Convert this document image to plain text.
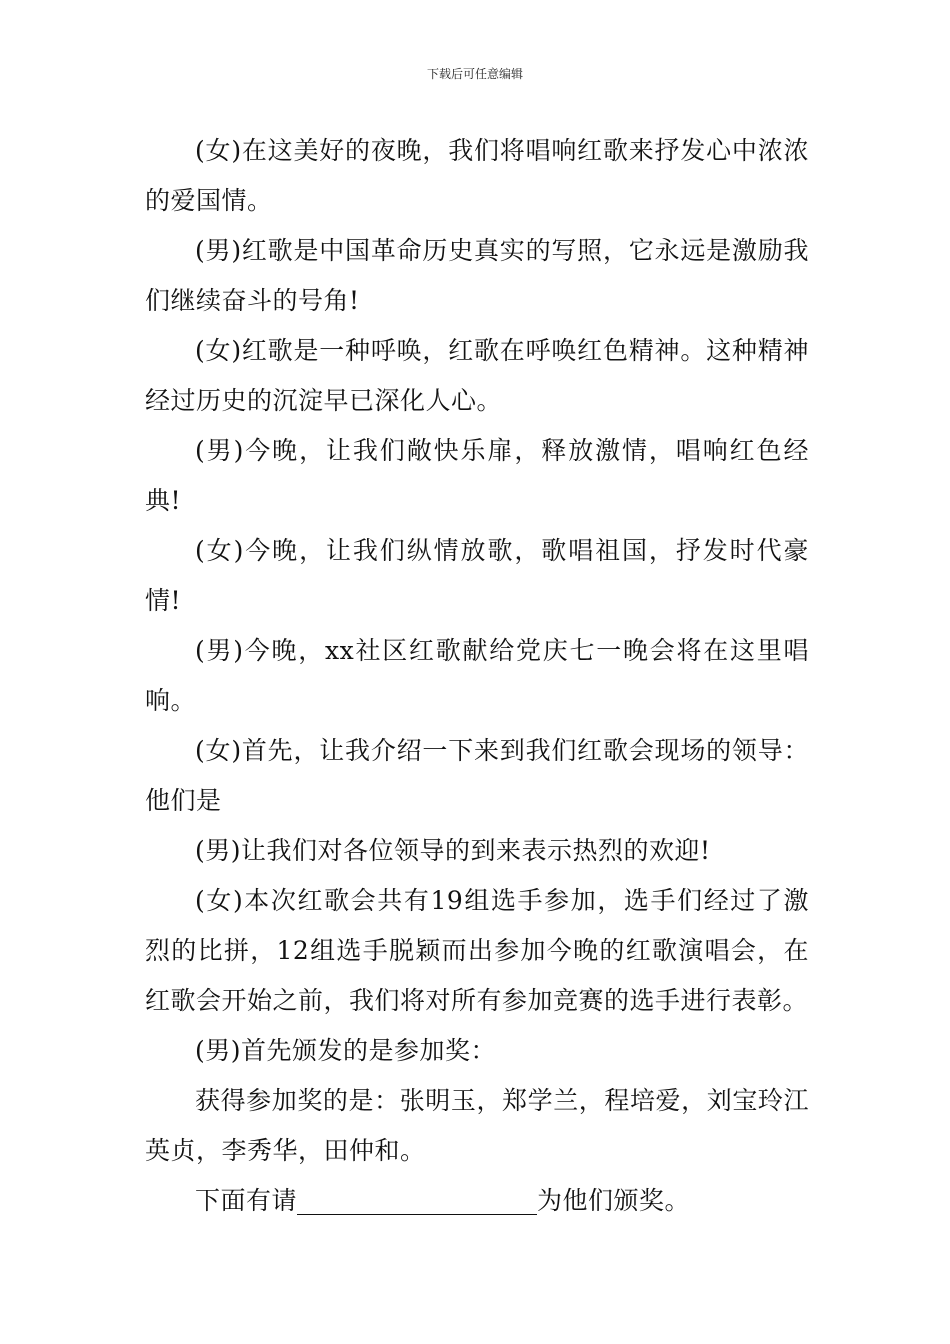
下载后可任意编辑

(女)在这美好的夜晚，我们将唱响红歌来抒发心中浓浓的爱国情。

(男)红歌是中国革命历史真实的写照，它永远是激励我们继续奋斗的号角!

(女)红歌是一种呼唤，红歌在呼唤红色精神。这种精神经过历史的沉淀早已深化人心。

(男)今晚，让我们敞快乐扉，释放激情，唱响红色经典!

(女)今晚，让我们纵情放歌，歌唱祖国，抒发时代豪情!

(男)今晚，xx社区红歌献给党庆七一晚会将在这里唱响。

(女)首先，让我介绍一下来到我们红歌会现场的领导：他们是

(男)让我们对各位领导的到来表示热烈的欢迎!

(女)本次红歌会共有19组选手参加，选手们经过了激烈的比拼，12组选手脱颖而出参加今晚的红歌演唱会，在红歌会开始之前，我们将对所有参加竞赛的选手进行表彰。

(男)首先颁发的是参加奖：

获得参加奖的是：张明玉，郑学兰，程培爱，刘宝玲江英贞，李秀华，田仲和。

下面有请	为他们颁奖。
